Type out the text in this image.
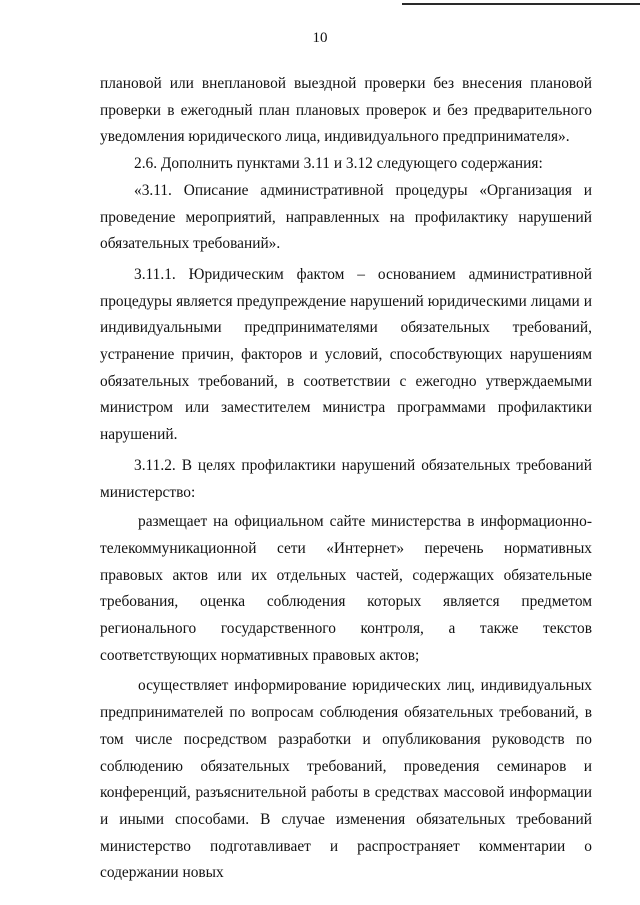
10

плановой или внеплановой выездной проверки без внесения плановой проверки в ежегодный план плановых проверок и без предварительного уведомления юридического лица, индивидуального предпринимателя».

2.6. Дополнить пунктами 3.11 и 3.12 следующего содержания:

«3.11. Описание административной процедуры «Организация и проведение мероприятий, направленных на профилактику нарушений обязательных требований».

3.11.1. Юридическим фактом – основанием административной процедуры является предупреждение нарушений юридическими лицами и индивидуальными предпринимателями обязательных требований, устранение причин, факторов и условий, способствующих нарушениям обязательных требований, в соответствии с ежегодно утверждаемыми министром или заместителем министра программами профилактики нарушений.

3.11.2. В целях профилактики нарушений обязательных требований министерство:

размещает на официальном сайте министерства в информационно-телекоммуникационной сети «Интернет» перечень нормативных правовых актов или их отдельных частей, содержащих обязательные требования, оценка соблюдения которых является предметом регионального государственного контроля, а также текстов соответствующих нормативных правовых актов;

осуществляет информирование юридических лиц, индивидуальных предпринимателей по вопросам соблюдения обязательных требований, в том числе посредством разработки и опубликования руководств по соблюдению обязательных требований, проведения семинаров и конференций, разъяснительной работы в средствах массовой информации и иными способами. В случае изменения обязательных требований министерство подготавливает и распространяет комментарии о содержании новых
